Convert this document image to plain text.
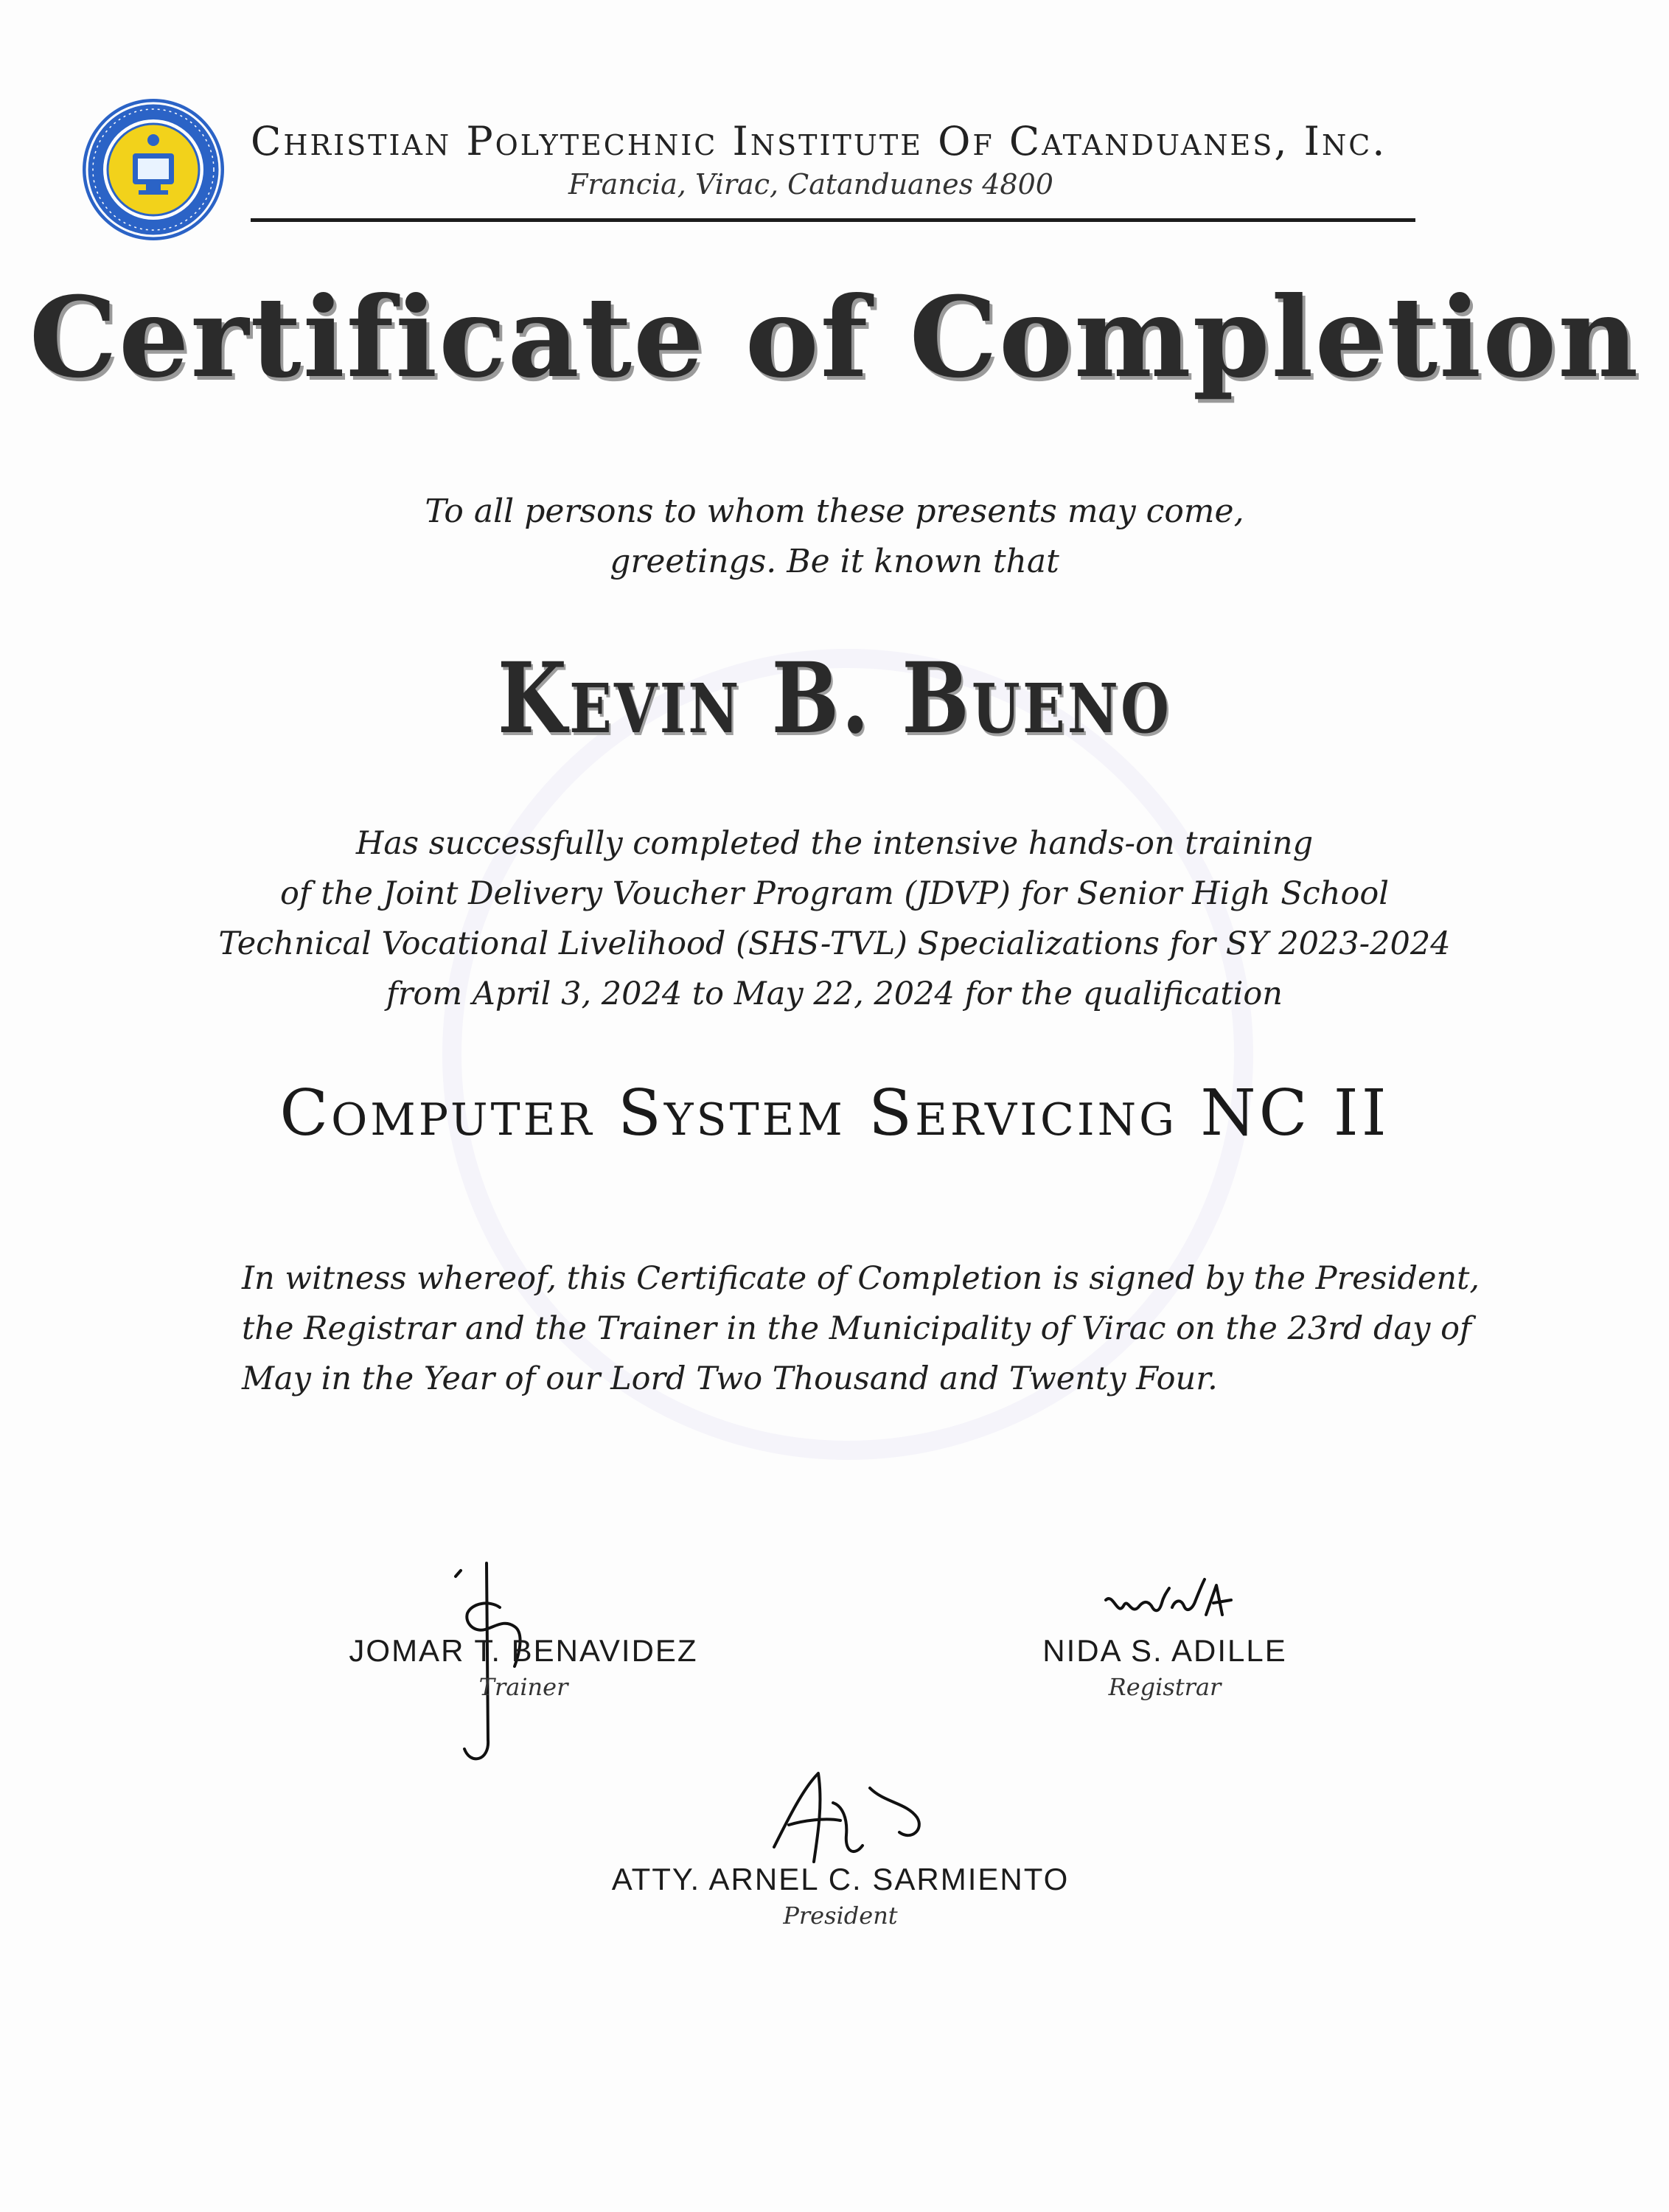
Christian Polytechnic Institute Of Catanduanes, Inc.
Francia, Virac, Catanduanes 4800
Certificate of Completion
To all persons to whom these presents may come,
greetings. Be it known that
Kevin B. Bueno
Has successfully completed the intensive hands-on training
of the Joint Delivery Voucher Program (JDVP) for Senior High School
Technical Vocational Livelihood (SHS-TVL) Specializations for SY 2023-2024
from April 3, 2024 to May 22, 2024 for the qualification
Computer System Servicing NC II
In witness whereof, this Certificate of Completion is signed by the President,
the Registrar and the Trainer in the Municipality of Virac on the 23rd day of
May in the Year of our Lord Two Thousand and Twenty Four.
JOMAR T. BENAVIDEZ
Trainer
NIDA S. ADILLE
Registrar
ATTY. ARNEL C. SARMIENTO
President
